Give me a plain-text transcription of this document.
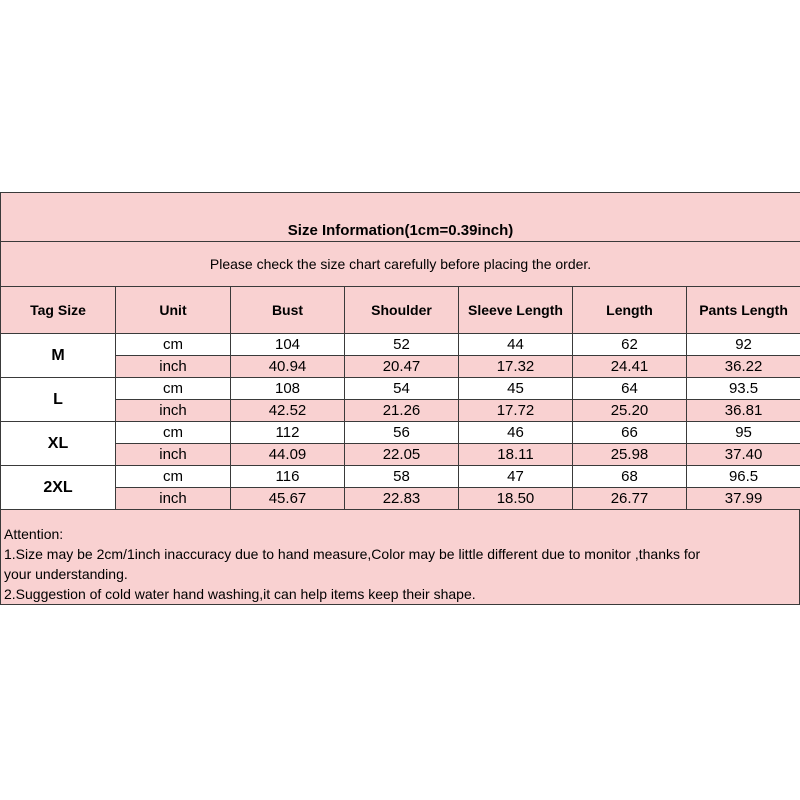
Size Information(1cm=0.39inch)						
Please check the size chart carefully before placing the order.						
Tag Size	Unit	Bust	Shoulder	Sleeve Length	Length	Pants Length
M	cm	104	52	44	62	92
	inch	40.94	20.47	17.32	24.41	36.22
L	cm	108	54	45	64	93.5
	inch	42.52	21.26	17.72	25.20	36.81
XL	cm	112	56	46	66	95
	inch	44.09	22.05	18.11	25.98	37.40
2XL	cm	116	58	47	68	96.5
	inch	45.67	22.83	18.50	26.77	37.99
Attention:
1.Size may be 2cm/1inch inaccuracy due to hand measure,Color may be little different due to monitor ,thanks for
your understanding.
2.Suggestion of cold water hand washing,it can help items keep their shape.
